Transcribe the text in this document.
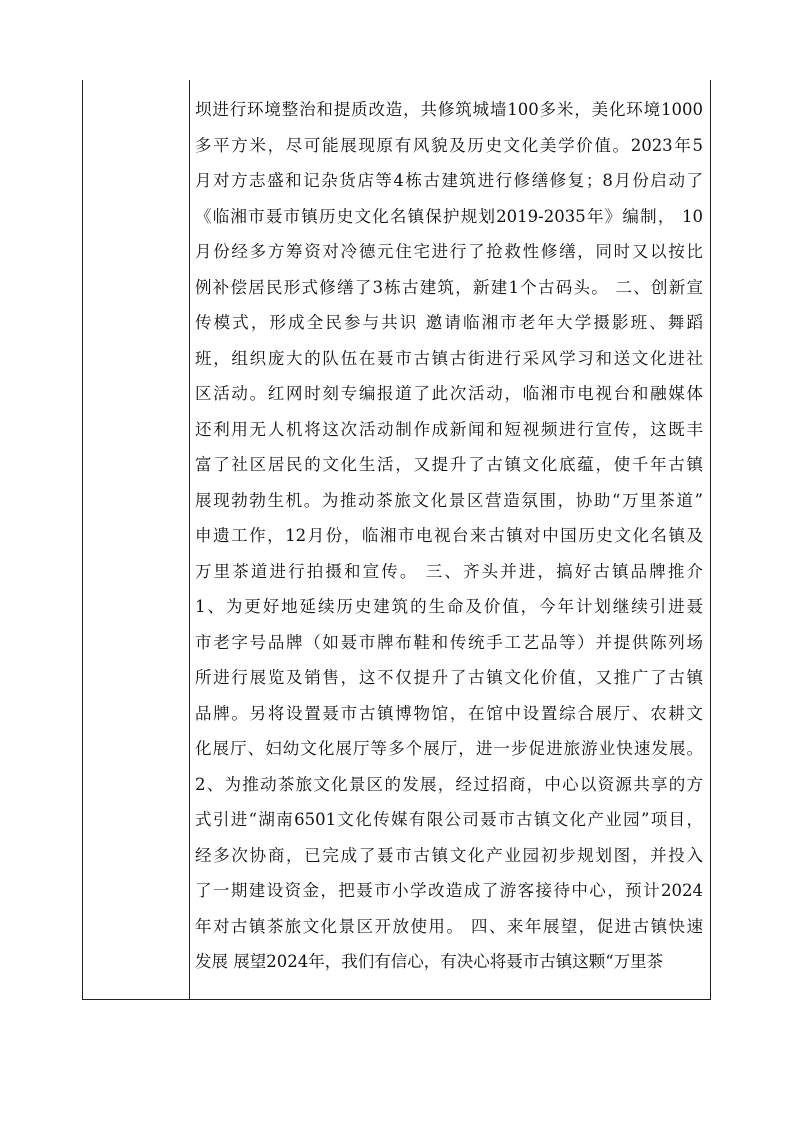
坝进行环境整治和提质改造，共修筑城墙100多米，美化环境1000
多平方米，尽可能展现原有风貌及历史文化美学价值。2023年5
月对方志盛和记杂货店等4栋古建筑进行修缮修复；8月份启动了
《临湘市聂市镇历史文化名镇保护规划2019-2035年》编制， 10
月份经多方筹资对冷德元住宅进行了抢救性修缮，同时又以按比
例补偿居民形式修缮了3栋古建筑，新建1个古码头。 二、创新宣
传模式，形成全民参与共识 邀请临湘市老年大学摄影班、舞蹈
班，组织庞大的队伍在聂市古镇古街进行采风学习和送文化进社
区活动。红网时刻专编报道了此次活动，临湘市电视台和融媒体
还利用无人机将这次活动制作成新闻和短视频进行宣传，这既丰
富了社区居民的文化生活，又提升了古镇文化底蕴，使千年古镇
展现勃勃生机。为推动茶旅文化景区营造氛围，协助“万里茶道”
申遗工作，12月份，临湘市电视台来古镇对中国历史文化名镇及
万里茶道进行拍摄和宣传。 三、齐头并进，搞好古镇品牌推介
1、为更好地延续历史建筑的生命及价值，今年计划继续引进聂
市老字号品牌（如聂市牌布鞋和传统手工艺品等）并提供陈列场
所进行展览及销售，这不仅提升了古镇文化价值，又推广了古镇
品牌。另将设置聂市古镇博物馆，在馆中设置综合展厅、农耕文
化展厅、妇幼文化展厅等多个展厅，进一步促进旅游业快速发展。
2、为推动茶旅文化景区的发展，经过招商，中心以资源共享的方
式引进“湖南6501文化传媒有限公司聂市古镇文化产业园”项目，
经多次协商，已完成了聂市古镇文化产业园初步规划图，并投入
了一期建设资金，把聂市小学改造成了游客接待中心，预计2024
年对古镇茶旅文化景区开放使用。 四、来年展望，促进古镇快速
发展 展望2024年，我们有信心，有决心将聂市古镇这颗“万里茶
